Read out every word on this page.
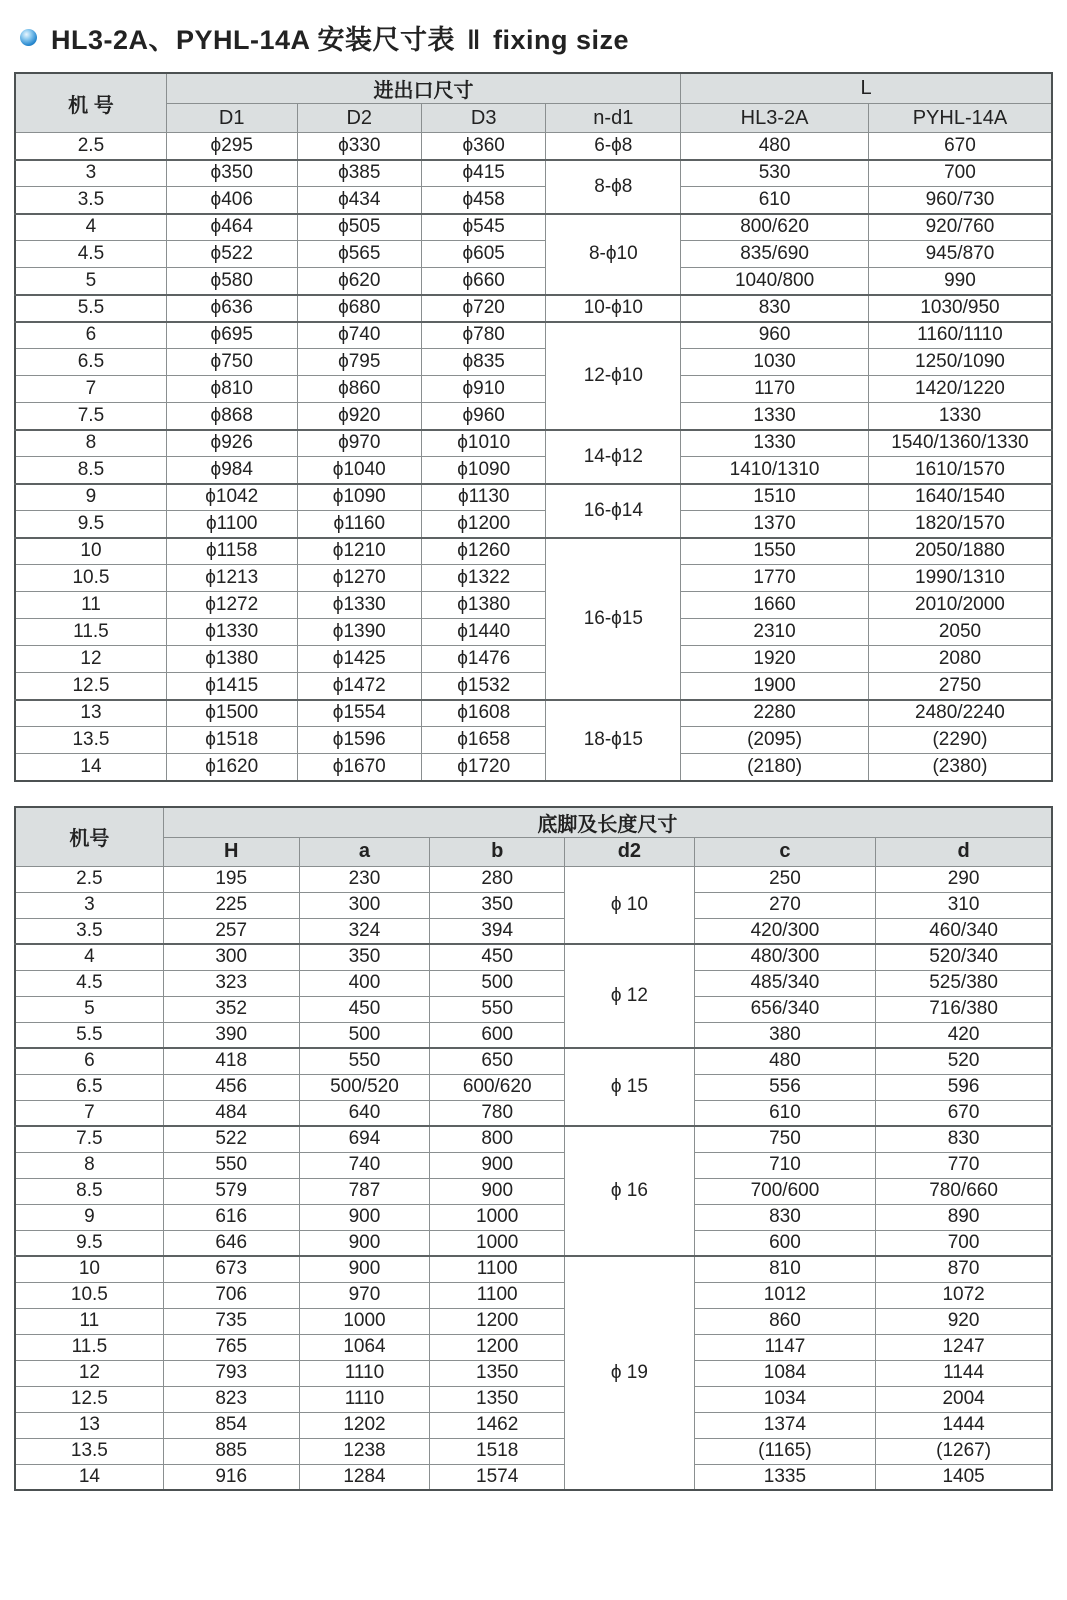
HL3-2A、PYHL-14A 安装尺寸表 ‖ fixing size
机 号	进出口尺寸				L	
	D1	D2	D3	n-d1	HL3-2A	PYHL-14A
2.5	ϕ295	ϕ330	ϕ360	6-ϕ8	480	670
3	ϕ350	ϕ385	ϕ415	8-ϕ8	530	700
3.5	ϕ406	ϕ434	ϕ458		610	960/730
4	ϕ464	ϕ505	ϕ545	8-ϕ10	800/620	920/760
4.5	ϕ522	ϕ565	ϕ605		835/690	945/870
5	ϕ580	ϕ620	ϕ660		1040/800	990
5.5	ϕ636	ϕ680	ϕ720	10-ϕ10	830	1030/950
6	ϕ695	ϕ740	ϕ780	12-ϕ10	960	1160/1110
6.5	ϕ750	ϕ795	ϕ835		1030	1250/1090
7	ϕ810	ϕ860	ϕ910		1170	1420/1220
7.5	ϕ868	ϕ920	ϕ960		1330	1330
8	ϕ926	ϕ970	ϕ1010	14-ϕ12	1330	1540/1360/1330
8.5	ϕ984	ϕ1040	ϕ1090		1410/1310	1610/1570
9	ϕ1042	ϕ1090	ϕ1130	16-ϕ14	1510	1640/1540
9.5	ϕ1100	ϕ1160	ϕ1200		1370	1820/1570
10	ϕ1158	ϕ1210	ϕ1260	16-ϕ15	1550	2050/1880
10.5	ϕ1213	ϕ1270	ϕ1322		1770	1990/1310
11	ϕ1272	ϕ1330	ϕ1380		1660	2010/2000
11.5	ϕ1330	ϕ1390	ϕ1440		2310	2050
12	ϕ1380	ϕ1425	ϕ1476		1920	2080
12.5	ϕ1415	ϕ1472	ϕ1532		1900	2750
13	ϕ1500	ϕ1554	ϕ1608	18-ϕ15	2280	2480/2240
13.5	ϕ1518	ϕ1596	ϕ1658		(2095)	(2290)
14	ϕ1620	ϕ1670	ϕ1720		(2180)	(2380)
机号	底脚及长度尺寸					
	H	a	b	d2	c	d
2.5	195	230	280	ϕ 10	250	290
3	225	300	350		270	310
3.5	257	324	394		420/300	460/340
4	300	350	450	ϕ 12	480/300	520/340
4.5	323	400	500		485/340	525/380
5	352	450	550		656/340	716/380
5.5	390	500	600		380	420
6	418	550	650	ϕ 15	480	520
6.5	456	500/520	600/620		556	596
7	484	640	780		610	670
7.5	522	694	800	ϕ 16	750	830
8	550	740	900		710	770
8.5	579	787	900		700/600	780/660
9	616	900	1000		830	890
9.5	646	900	1000		600	700
10	673	900	1100	ϕ 19	810	870
10.5	706	970	1100		1012	1072
11	735	1000	1200		860	920
11.5	765	1064	1200		1147	1247
12	793	1110	1350		1084	1144
12.5	823	1110	1350		1034	2004
13	854	1202	1462		1374	1444
13.5	885	1238	1518		(1165)	(1267)
14	916	1284	1574		1335	1405
